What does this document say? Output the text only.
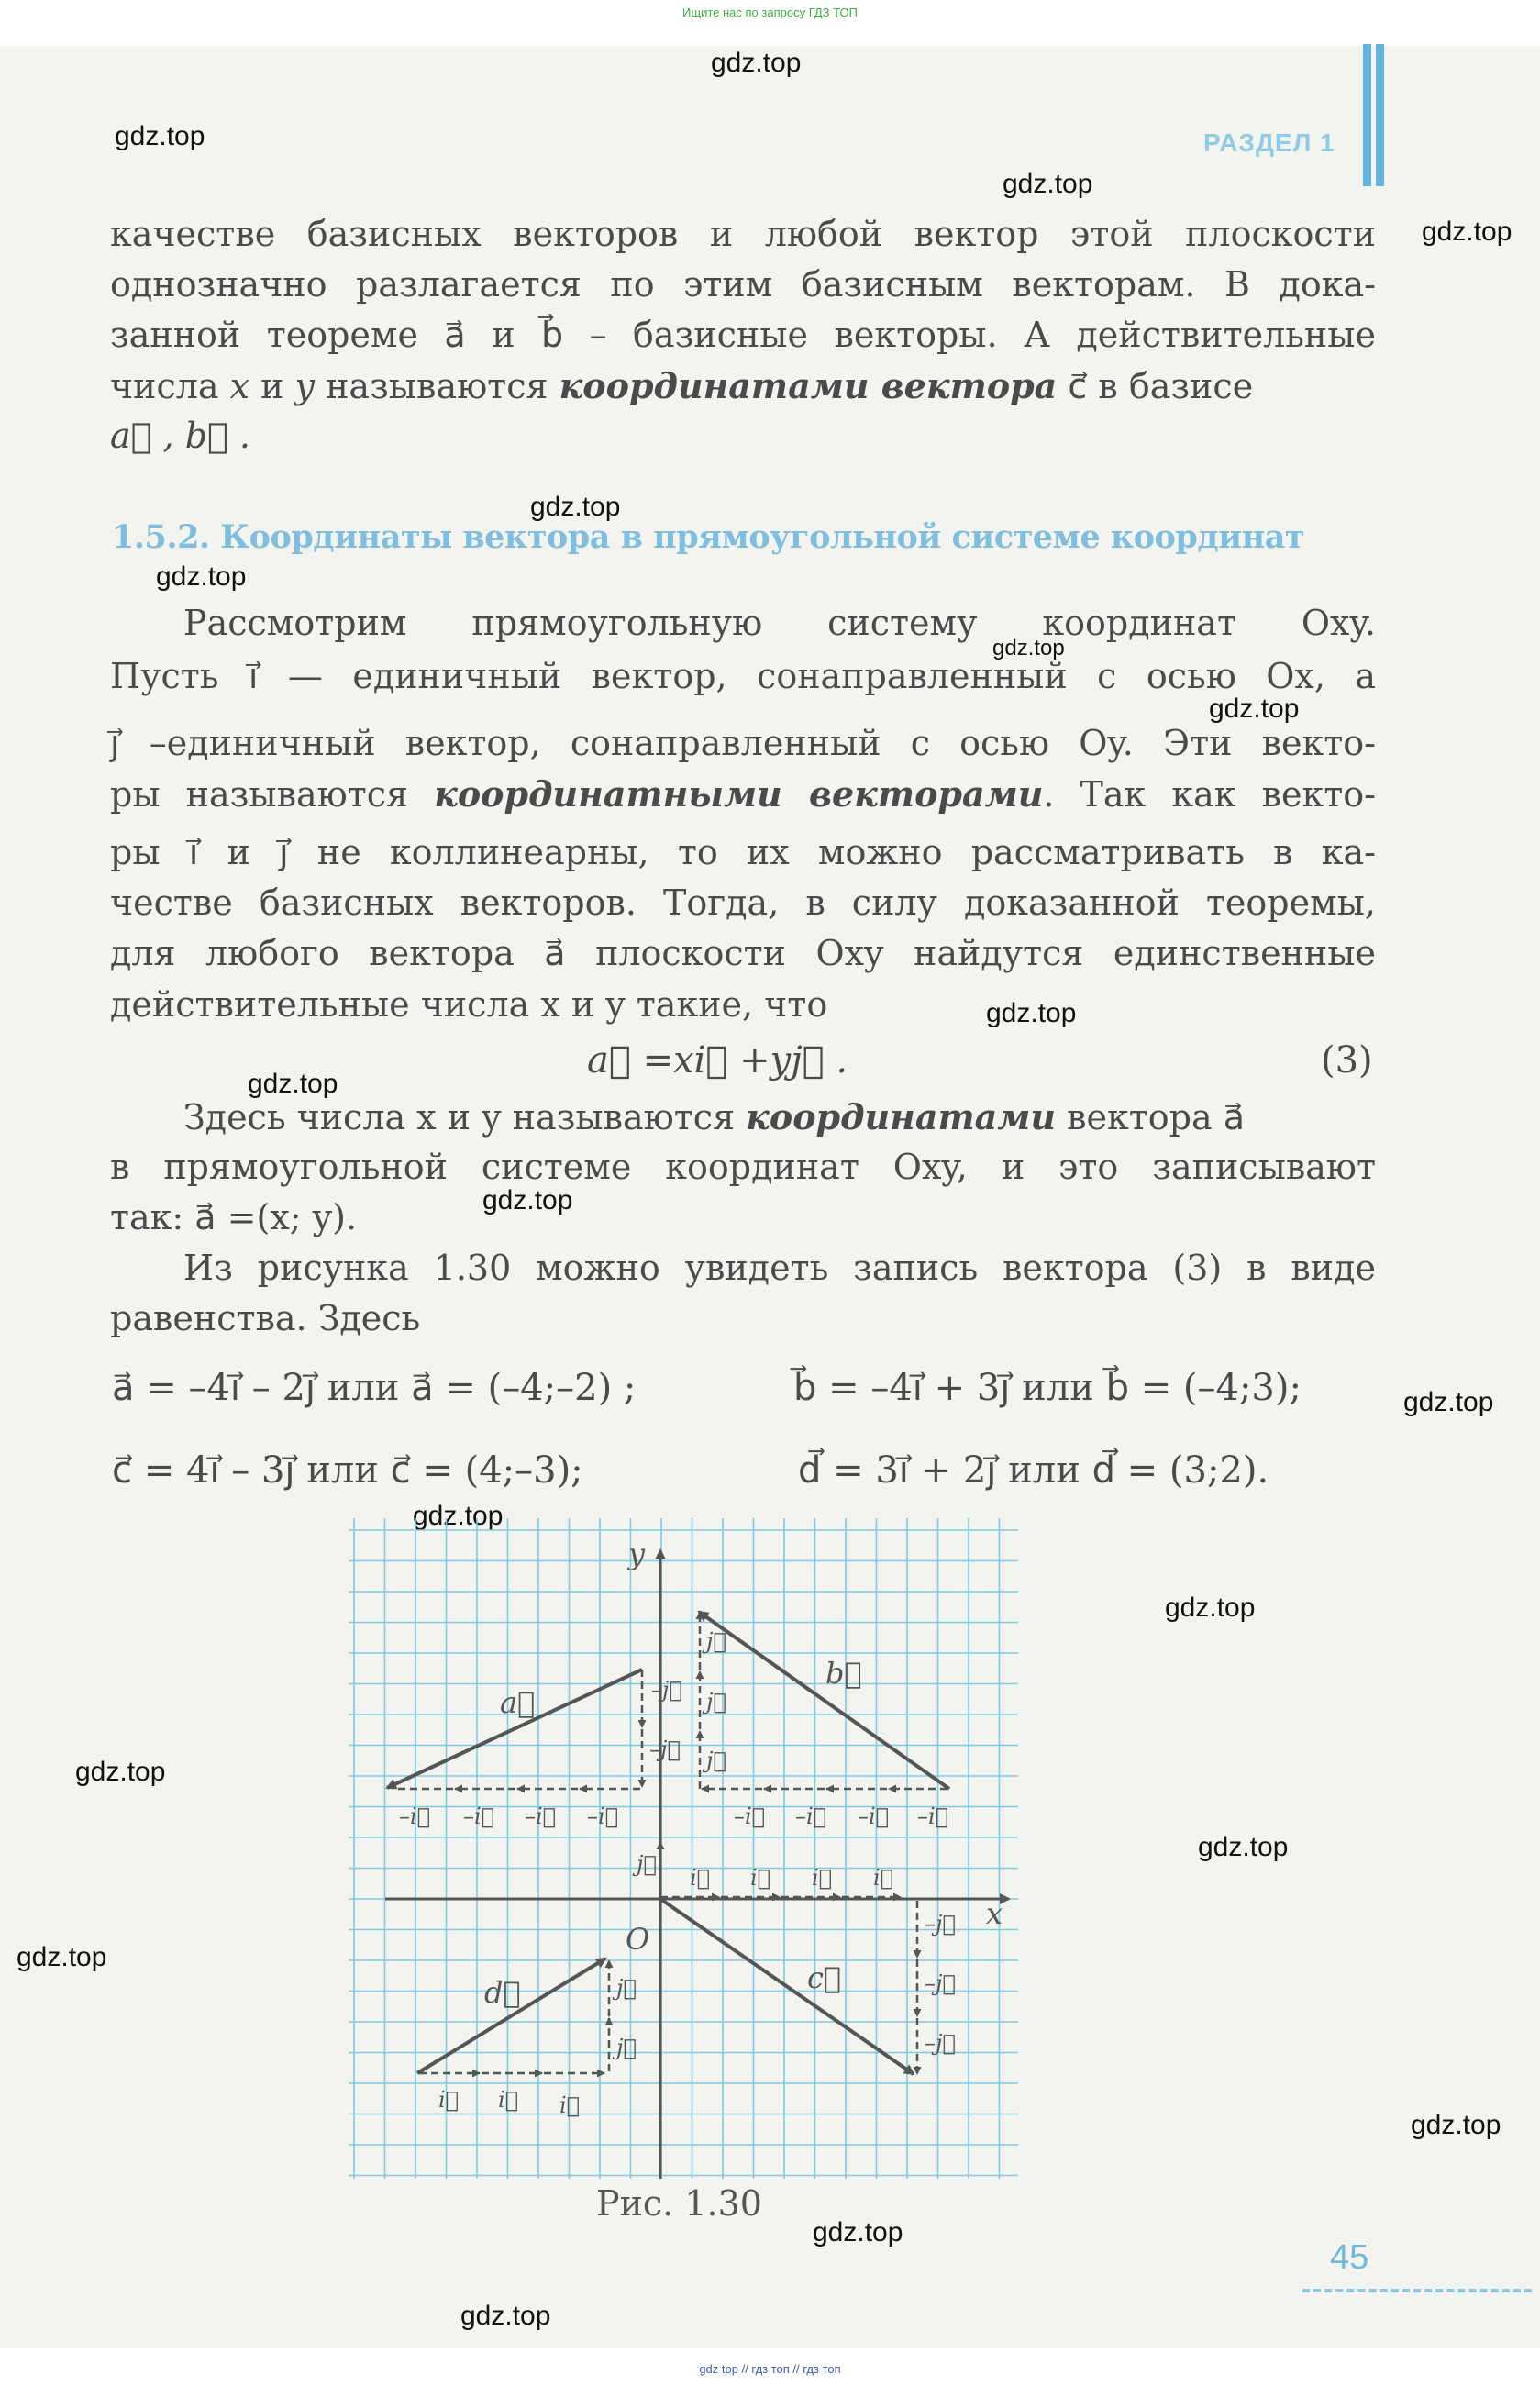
Ищите нас по запросу ГДЗ ТОП
gdz.top
gdz.top
gdz.top
gdz.top
gdz.top
gdz.top
gdz.top
gdz.top
gdz.top
gdz.top
gdz.top
gdz.top
gdz.top
gdz.top
gdz.top
gdz.top
gdz.top
gdz.top
gdz.top
gdz.top
РАЗДЕЛ 1
качестве базисных векторов и любой вектор этой плоскости
однозначно разлагается по этим базисным векторам. В дока-
занной теореме a⃗ и b⃗ – базисные векторы. А действительные
числа x и y называются координатами вектора c⃗ в базисе
a⃗ , b⃗ .
1.5.2. Координаты вектора в прямоугольной системе координат
Рассмотрим прямоугольную систему координат Oxy.
Пусть i⃗ — единичный вектор, сонаправленный с осью Ox, а
j⃗ –единичный вектор, сонаправленный с осью Oy. Эти векто-
ры называются координатными векторами. Так как векто-
ры i⃗ и j⃗ не коллинеарны, то их можно рассматривать в ка-
честве базисных векторов. Тогда, в силу доказанной теоремы,
для любого вектора a⃗ плоскости Oxy найдутся единственные
действительные числа x и y такие, что
a⃗ =xi⃗ +yj⃗ .	(3)
Здесь числа x и y называются координатами вектора a⃗
в прямоугольной системе координат Oxy, и это записывают
так: a⃗ =(x; y).
Из рисунка 1.30 можно увидеть запись вектора (3) в виде
равенства. Здесь
a⃗ = –4i⃗ – 2j⃗ или a⃗ = (–4;–2) ;	b⃗ = –4i⃗ + 3j⃗ или b⃗ = (–4;3);
c⃗ = 4i⃗ – 3j⃗ или c⃗ = (4;–3);	d⃗ = 3i⃗ + 2j⃗ или d⃗ = (3;2).
x
y
O
a⃗	–j⃗
–j⃗
–i⃗ –i⃗ –i⃗ –i⃗
b⃗
–i⃗ –i⃗ –i⃗ –i⃗
j⃗
j⃗
j⃗
j⃗
i⃗ i⃗ i⃗ i⃗
c⃗
–j⃗
–j⃗
–j⃗
d⃗
i⃗ i⃗ i⃗
j⃗
j⃗
Рис. 1.30
45
gdz top // гдз топ // гдз топ
